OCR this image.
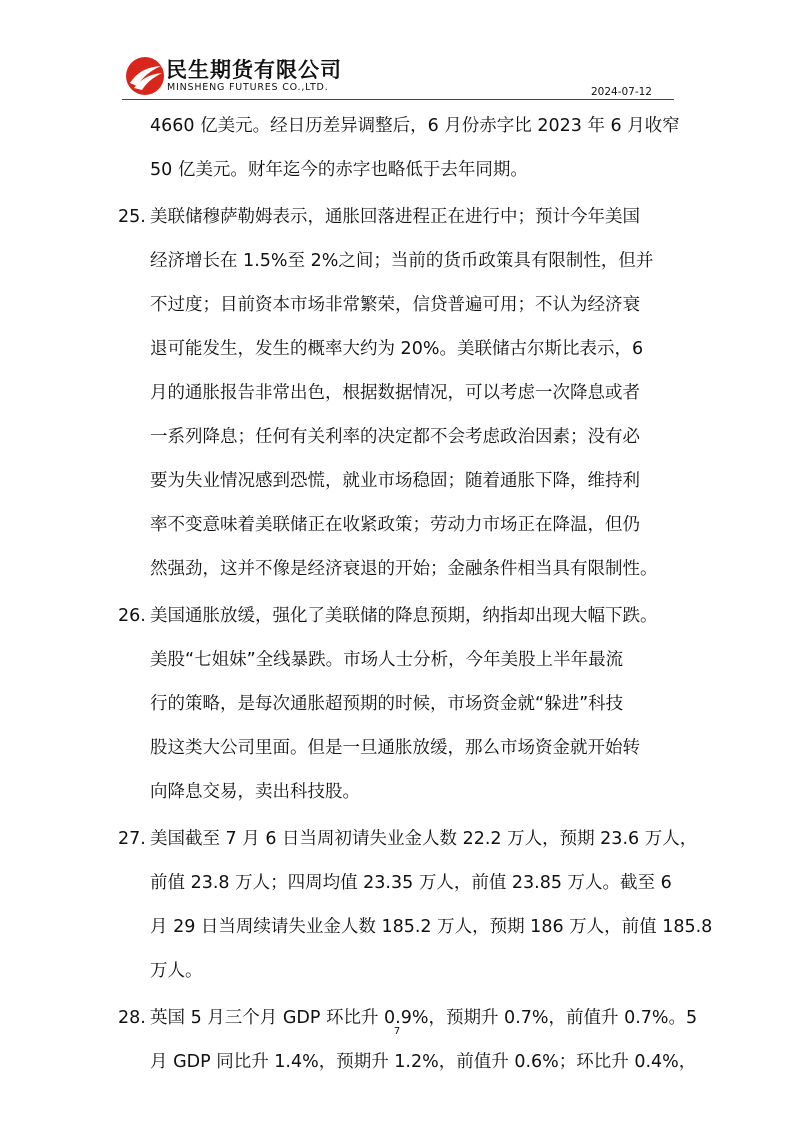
民生期货有限公司
MINSHENG FUTURES CO.,LTD.	2024-07-12
4660 亿美元。经日历差异调整后，6 月份赤字比 2023 年 6 月收窄
50 亿美元。财年迄今的赤字也略低于去年同期。
25. 美联储穆萨勒姆表示，通胀回落进程正在进行中；预计今年美国
经济增长在 1.5%至 2%之间；当前的货币政策具有限制性，但并
不过度；目前资本市场非常繁荣，信贷普遍可用；不认为经济衰
退可能发生，发生的概率大约为 20%。美联储古尔斯比表示，6
月的通胀报告非常出色，根据数据情况，可以考虑一次降息或者
一系列降息；任何有关利率的决定都不会考虑政治因素；没有必
要为失业情况感到恐慌，就业市场稳固；随着通胀下降，维持利
率不变意味着美联储正在收紧政策；劳动力市场正在降温，但仍
然强劲，这并不像是经济衰退的开始；金融条件相当具有限制性。
26. 美国通胀放缓，强化了美联储的降息预期，纳指却出现大幅下跌。
美股“七姐妹”全线暴跌。市场人士分析，今年美股上半年最流
行的策略，是每次通胀超预期的时候，市场资金就“躲进”科技
股这类大公司里面。但是一旦通胀放缓，那么市场资金就开始转
向降息交易，卖出科技股。
27. 美国截至 7 月 6 日当周初请失业金人数 22.2 万人，预期 23.6 万人，
前值 23.8 万人；四周均值 23.35 万人，前值 23.85 万人。截至 6
月 29 日当周续请失业金人数 185.2 万人，预期 186 万人，前值 185.8
万人。
28. 英国 5 月三个月 GDP 环比升 0.9%，预期升 0.7%，前值升 0.7%。5
月 GDP 同比升 1.4%，预期升 1.2%，前值升 0.6%；环比升 0.4%，
7
